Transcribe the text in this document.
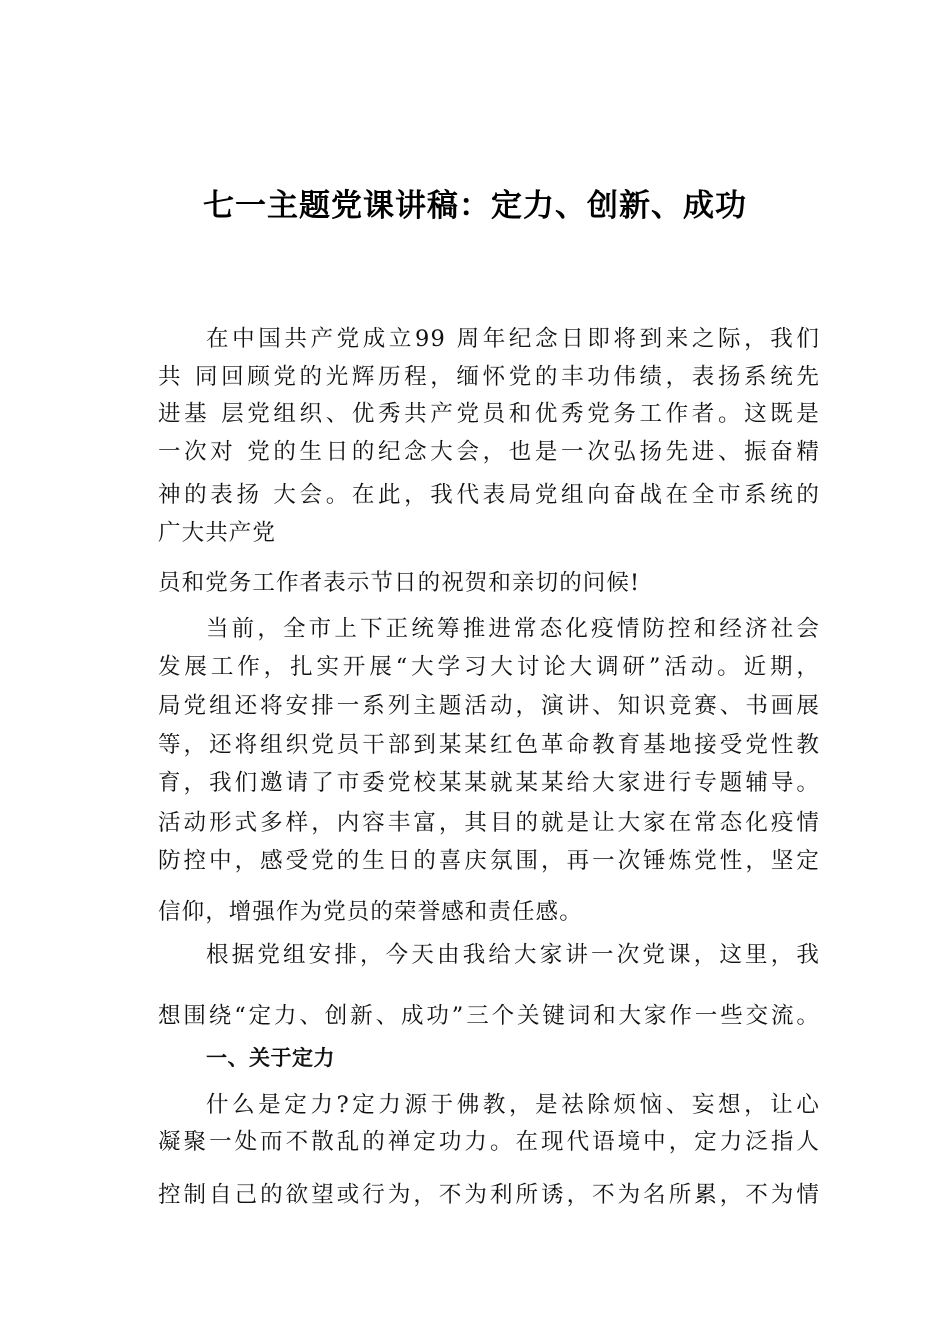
七一主题党课讲稿：定力、创新、成功

在中国共产党成立99 周年纪念日即将到来之际，我们

共 同回顾党的光辉历程，缅怀党的丰功伟绩，表扬系统先

进基 层党组织、优秀共产党员和优秀党务工作者。这既是

一次对 党的生日的纪念大会，也是一次弘扬先进、振奋精

神的表扬 大会。在此，我代表局党组向奋战在全市系统的

广大共产党

员和党务工作者表示节日的祝贺和亲切的问候!

当前，全市上下正统筹推进常态化疫情防控和经济社会

发展工作，扎实开展“大学习大讨论大调研”活动。近期，

局党组还将安排一系列主题活动，演讲、知识竞赛、书画展

等，还将组织党员干部到某某红色革命教育基地接受党性教

育，我们邀请了市委党校某某就某某给大家进行专题辅导。

活动形式多样，内容丰富，其目的就是让大家在常态化疫情

防控中，感受党的生日的喜庆氛围，再一次锤炼党性，坚定

信仰，增强作为党员的荣誉感和责任感。

根据党组安排，今天由我给大家讲一次党课，这里，我

想围绕“定力、创新、成功”三个关键词和大家作一些交流。

一、关于定力

什么是定力?定力源于佛教，是祛除烦恼、妄想，让心

凝聚一处而不散乱的禅定功力。在现代语境中，定力泛指人

控制自己的欲望或行为，不为利所诱，不为名所累，不为情
